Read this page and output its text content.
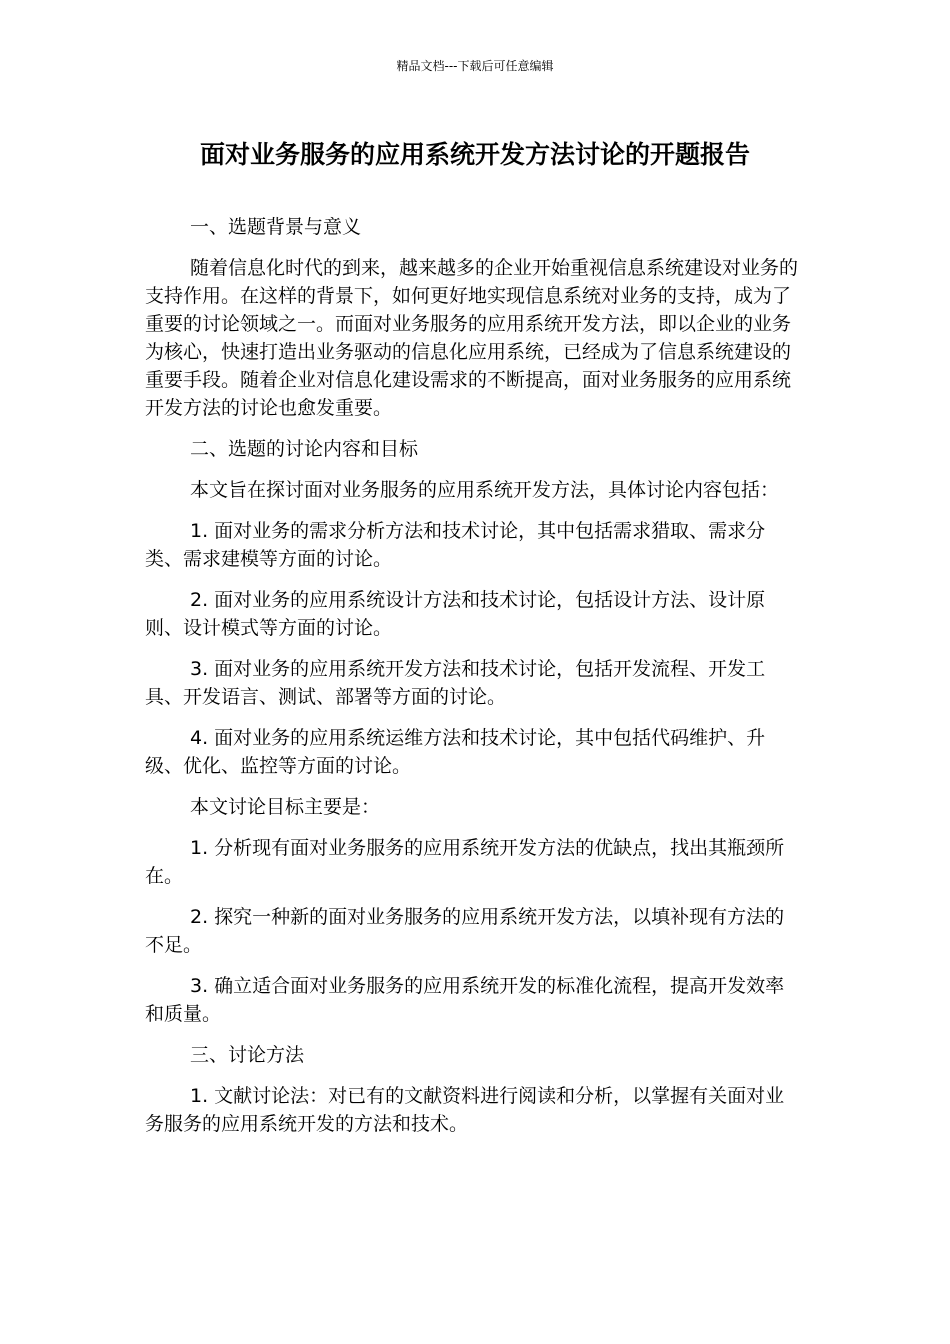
精品文档---下载后可任意编辑
面对业务服务的应用系统开发方法讨论的开题报告

一、选题背景与意义

随着信息化时代的到来，越来越多的企业开始重视信息系统建设对业务的支持作用。在这样的背景下，如何更好地实现信息系统对业务的支持，成为了重要的讨论领域之一。而面对业务服务的应用系统开发方法，即以企业的业务为核心，快速打造出业务驱动的信息化应用系统，已经成为了信息系统建设的重要手段。随着企业对信息化建设需求的不断提高，面对业务服务的应用系统开发方法的讨论也愈发重要。

二、选题的讨论内容和目标

本文旨在探讨面对业务服务的应用系统开发方法，具体讨论内容包括：

1. 面对业务的需求分析方法和技术讨论，其中包括需求猎取、需求分类、需求建模等方面的讨论。

2. 面对业务的应用系统设计方法和技术讨论，包括设计方法、设计原则、设计模式等方面的讨论。

3. 面对业务的应用系统开发方法和技术讨论，包括开发流程、开发工具、开发语言、测试、部署等方面的讨论。

4. 面对业务的应用系统运维方法和技术讨论，其中包括代码维护、升级、优化、监控等方面的讨论。

本文讨论目标主要是：

1. 分析现有面对业务服务的应用系统开发方法的优缺点，找出其瓶颈所在。

2. 探究一种新的面对业务服务的应用系统开发方法，以填补现有方法的不足。

3. 确立适合面对业务服务的应用系统开发的标准化流程，提高开发效率和质量。

三、讨论方法

1. 文献讨论法：对已有的文献资料进行阅读和分析，以掌握有关面对业务服务的应用系统开发的方法和技术。
